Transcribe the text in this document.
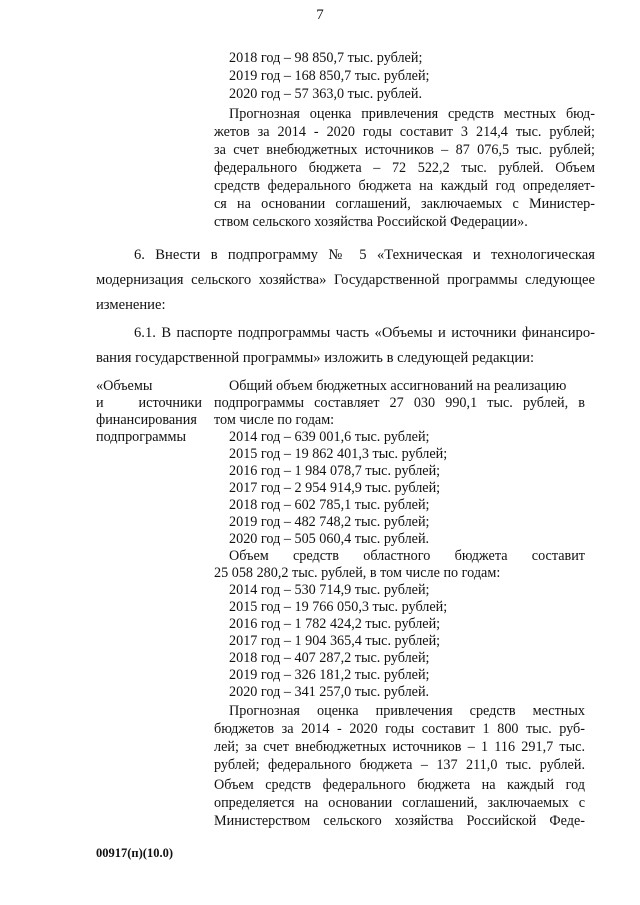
7
2018 год – 98 850,7 тыс. рублей;
2019 год – 168 850,7 тыс. рублей;
2020 год – 57 363,0 тыс. рублей.
Прогнозная оценка привлечения средств местных бюд-
жетов за 2014 - 2020 годы составит 3 214,4 тыс. рублей;
за счет внебюджетных источников – 87 076,5 тыс. рублей;
федерального бюджета – 72 522,2 тыс. рублей. Объем
средств федерального бюджета на каждый год определяет-
ся на основании соглашений, заключаемых с Министер-
ством сельского хозяйства Российской Федерации».
6. Внести в подпрограмму № 5 «Техническая и технологическая
модернизация сельского хозяйства» Государственной программы следующее
изменение:
6.1. В паспорте подпрограммы часть «Объемы и источники финансиро-
вания государственной программы» изложить в следующей редакции:
«Объемы
и источники
финансирования
подпрограммы
Общий объем бюджетных ассигнований на реализацию
подпрограммы составляет 27 030 990,1 тыс. рублей, в
том числе по годам:
2014 год – 639 001,6 тыс. рублей;
2015 год – 19 862 401,3 тыс. рублей;
2016 год – 1 984 078,7 тыс. рублей;
2017 год – 2 954 914,9 тыс. рублей;
2018 год – 602 785,1 тыс. рублей;
2019 год – 482 748,2 тыс. рублей;
2020 год – 505 060,4 тыс. рублей.
Объем средств областного бюджета составит
25 058 280,2 тыс. рублей, в том числе по годам:
2014 год – 530 714,9 тыс. рублей;
2015 год – 19 766 050,3 тыс. рублей;
2016 год – 1 782 424,2 тыс. рублей;
2017 год – 1 904 365,4 тыс. рублей;
2018 год – 407 287,2 тыс. рублей;
2019 год – 326 181,2 тыс. рублей;
2020 год – 341 257,0 тыс. рублей.
Прогнозная оценка привлечения средств местных
бюджетов за 2014 - 2020 годы составит 1 800 тыс. руб-
лей; за счет внебюджетных источников – 1 116 291,7 тыс.
рублей; федерального бюджета – 137 211,0 тыс. рублей.
Объем средств федерального бюджета на каждый год
определяется на основании соглашений, заключаемых с
Министерством сельского хозяйства Российской Феде-
00917(п)(10.0)
